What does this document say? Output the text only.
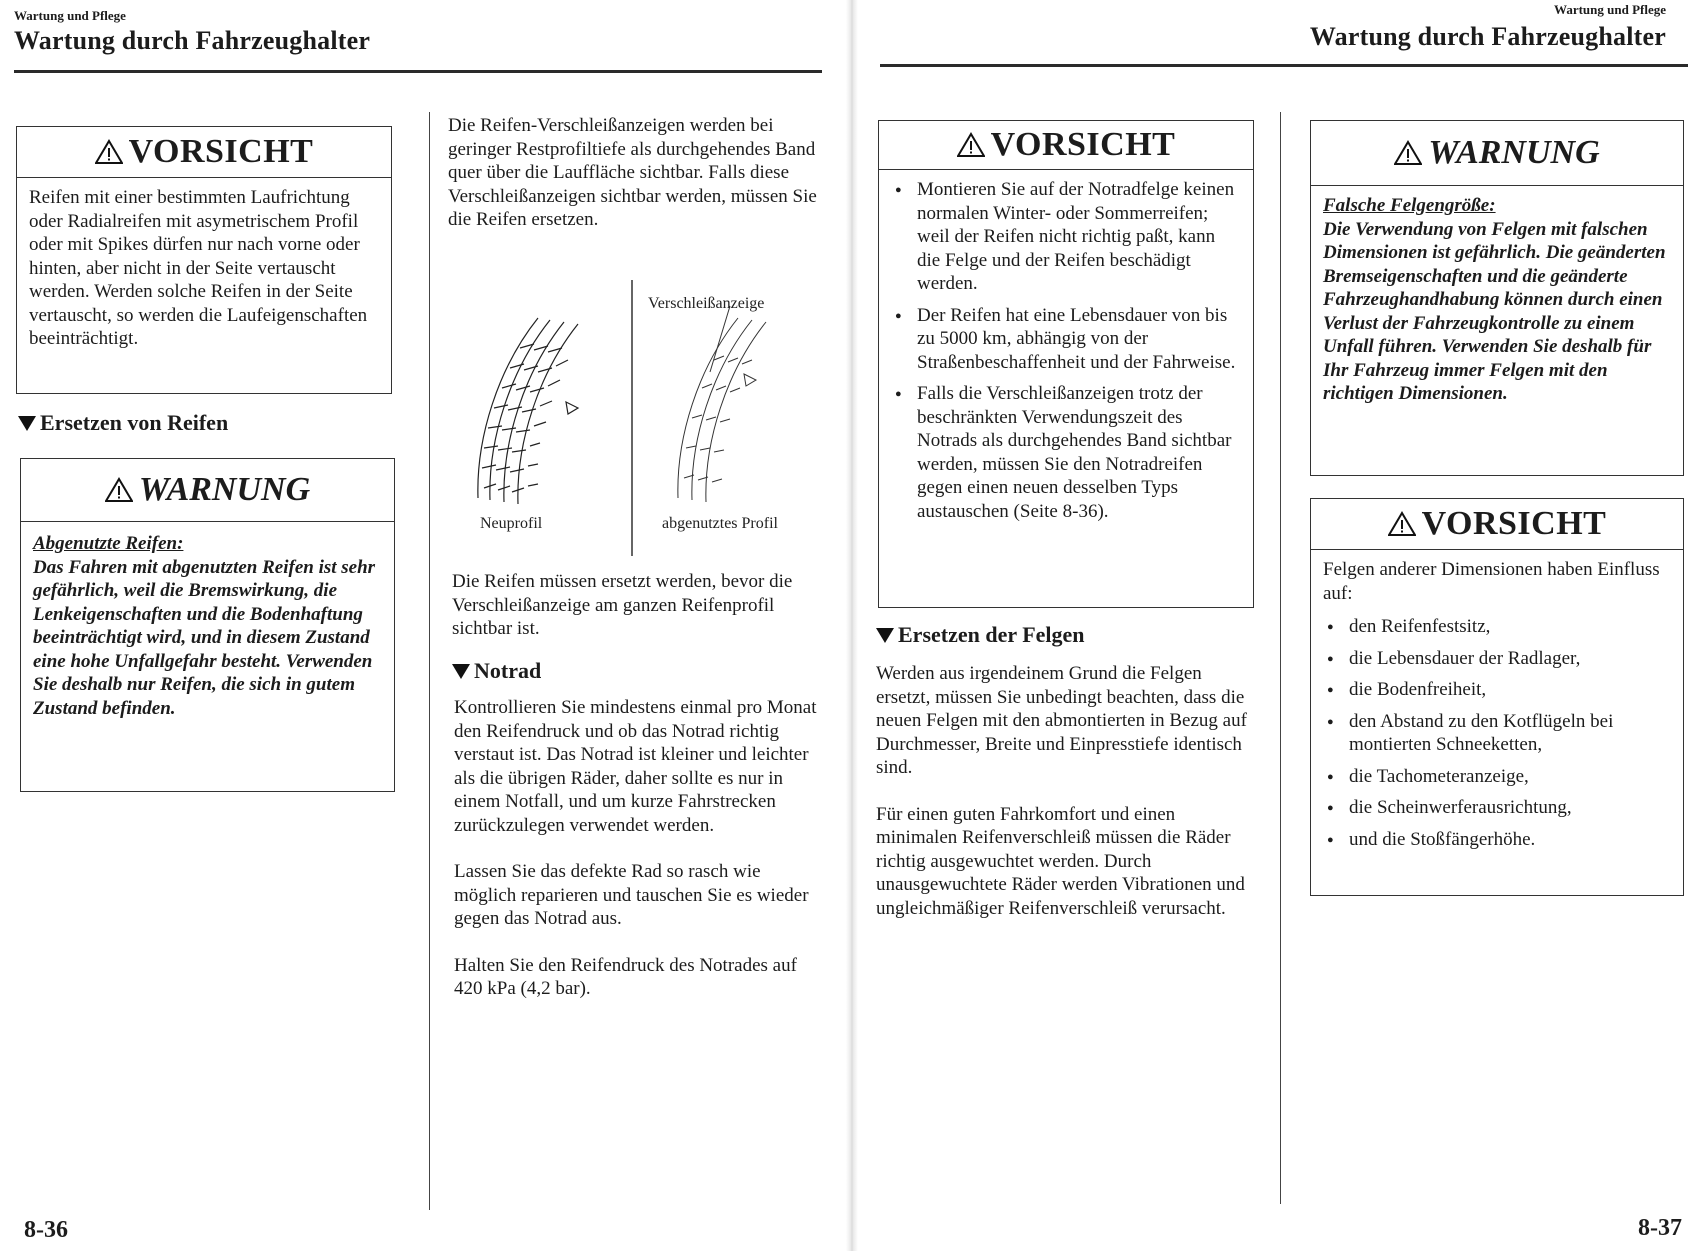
Wartung und Pflege
Wartung durch Fahrzeughalter
VORSICHT
Reifen mit einer bestimmten Laufrichtung oder Radialreifen mit asymetrischem Profil oder mit Spikes dürfen nur nach vorne oder hinten, aber nicht in der Seite vertauscht werden. Werden solche Reifen in der Seite vertauscht, so werden die Laufeigenschaften beeinträchtigt.
Ersetzen von Reifen
WARNUNG
Abgenutzte Reifen:
Das Fahren mit abgenutzten Reifen ist sehr gefährlich, weil die Bremswirkung, die Lenkeigenschaften und die Bodenhaftung beeinträchtigt wird, und in diesem Zustand eine hohe Unfallgefahr besteht. Verwenden Sie deshalb nur Reifen, die sich in gutem Zustand befinden.
Die Reifen-Verschleißanzeigen werden bei geringer Restprofiltiefe als durchgehendes Band quer über die Lauffläche sichtbar. Falls diese Verschleißanzeigen sichtbar werden, müssen Sie die Reifen ersetzen.
Verschleißanzeige
Neuprofil	abgenutztes Profil
Die Reifen müssen ersetzt werden, bevor die Verschleißanzeige am ganzen Reifenprofil sichtbar ist.
Notrad

Kontrollieren Sie mindestens einmal pro Monat den Reifendruck und ob das Notrad richtig verstaut ist. Das Notrad ist kleiner und leichter als die übrigen Räder, daher sollte es nur in einem Notfall, und um kurze Fahrstrecken zurückzulegen verwendet werden.

Lassen Sie das defekte Rad so rasch wie möglich reparieren und tauschen Sie es wieder gegen das Notrad aus.

Halten Sie den Reifendruck des Notrades auf 420 kPa (4,2 bar).

8-36
Wartung und Pflege
Wartung durch Fahrzeughalter
VORSICHT
● Montieren Sie auf der Notradfelge keinen normalen Winter- oder Sommerreifen; weil der Reifen nicht richtig paßt, kann die Felge und der Reifen beschädigt werden.
● Der Reifen hat eine Lebensdauer von bis zu 5000 km, abhängig von der Straßenbeschaffenheit und der Fahrweise.
● Falls die Verschleißanzeigen trotz der beschränkten Verwendungszeit des Notrads als durchgehendes Band sichtbar werden, müssen Sie den Notradreifen gegen einen neuen desselben Typs austauschen (Seite 8-36).
Ersetzen der Felgen

Werden aus irgendeinem Grund die Felgen ersetzt, müssen Sie unbedingt beachten, dass die neuen Felgen mit den abmontierten in Bezug auf Durchmesser, Breite und Einpresstiefe identisch sind.

Für einen guten Fahrkomfort und einen minimalen Reifenverschleiß müssen die Räder richtig ausgewuchtet werden. Durch unausgewuchtete Räder werden Vibrationen und ungleichmäßiger Reifenverschleiß verursacht.

WARNUNG
Falsche Felgengröße:
Die Verwendung von Felgen mit falschen Dimensionen ist gefährlich. Die geänderten Bremseigenschaften und die geänderte Fahrzeughandhabung können durch einen Verlust der Fahrzeugkontrolle zu einem Unfall führen. Verwenden Sie deshalb für Ihr Fahrzeug immer Felgen mit den richtigen Dimensionen.
VORSICHT
Felgen anderer Dimensionen haben Einfluss auf:
● den Reifenfestsitz,
● die Lebensdauer der Radlager,
● die Bodenfreiheit,
● den Abstand zu den Kotflügeln bei montierten Schneeketten,
● die Tachometeranzeige,
● die Scheinwerferausrichtung,
● und die Stoßfängerhöhe.
8-37
